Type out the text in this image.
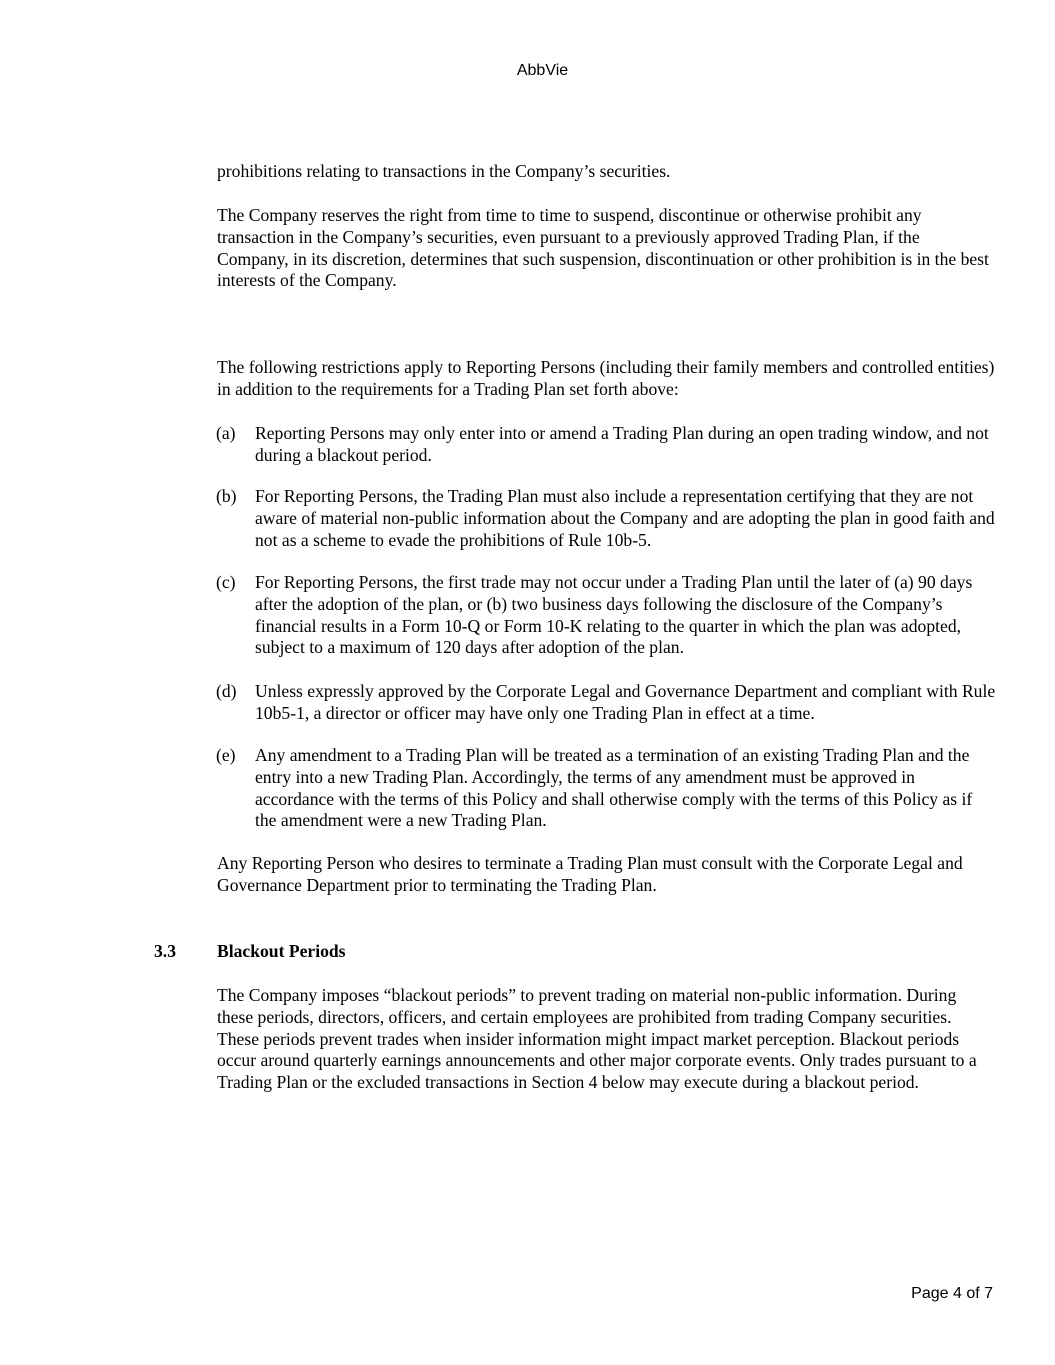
AbbVie
prohibitions relating to transactions in the Company’s securities.
The Company reserves the right from time to time to suspend, discontinue or otherwise prohibit any transaction in the Company’s securities, even pursuant to a previously approved Trading Plan, if the Company, in its discretion, determines that such suspension, discontinuation or other prohibition is in the best interests of the Company.
The following restrictions apply to Reporting Persons (including their family members and controlled entities) in addition to the requirements for a Trading Plan set forth above:
(a) Reporting Persons may only enter into or amend a Trading Plan during an open trading window, and not during a blackout period.
(b) For Reporting Persons, the Trading Plan must also include a representation certifying that they are not aware of material non-public information about the Company and are adopting the plan in good faith and not as a scheme to evade the prohibitions of Rule 10b-5.
(c) For Reporting Persons, the first trade may not occur under a Trading Plan until the later of (a) 90 days after the adoption of the plan, or (b) two business days following the disclosure of the Company’s financial results in a Form 10-Q or Form 10-K relating to the quarter in which the plan was adopted, subject to a maximum of 120 days after adoption of the plan.
(d) Unless expressly approved by the Corporate Legal and Governance Department and compliant with Rule 10b5-1, a director or officer may have only one Trading Plan in effect at a time.
(e) Any amendment to a Trading Plan will be treated as a termination of an existing Trading Plan and the entry into a new Trading Plan. Accordingly, the terms of any amendment must be approved in accordance with the terms of this Policy and shall otherwise comply with the terms of this Policy as if the amendment were a new Trading Plan.
Any Reporting Person who desires to terminate a Trading Plan must consult with the Corporate Legal and Governance Department prior to terminating the Trading Plan.
3.3 Blackout Periods
The Company imposes “blackout periods” to prevent trading on material non-public information. During these periods, directors, officers, and certain employees are prohibited from trading Company securities. These periods prevent trades when insider information might impact market perception. Blackout periods occur around quarterly earnings announcements and other major corporate events. Only trades pursuant to a Trading Plan or the excluded transactions in Section 4 below may execute during a blackout period.
Page 4 of 7
